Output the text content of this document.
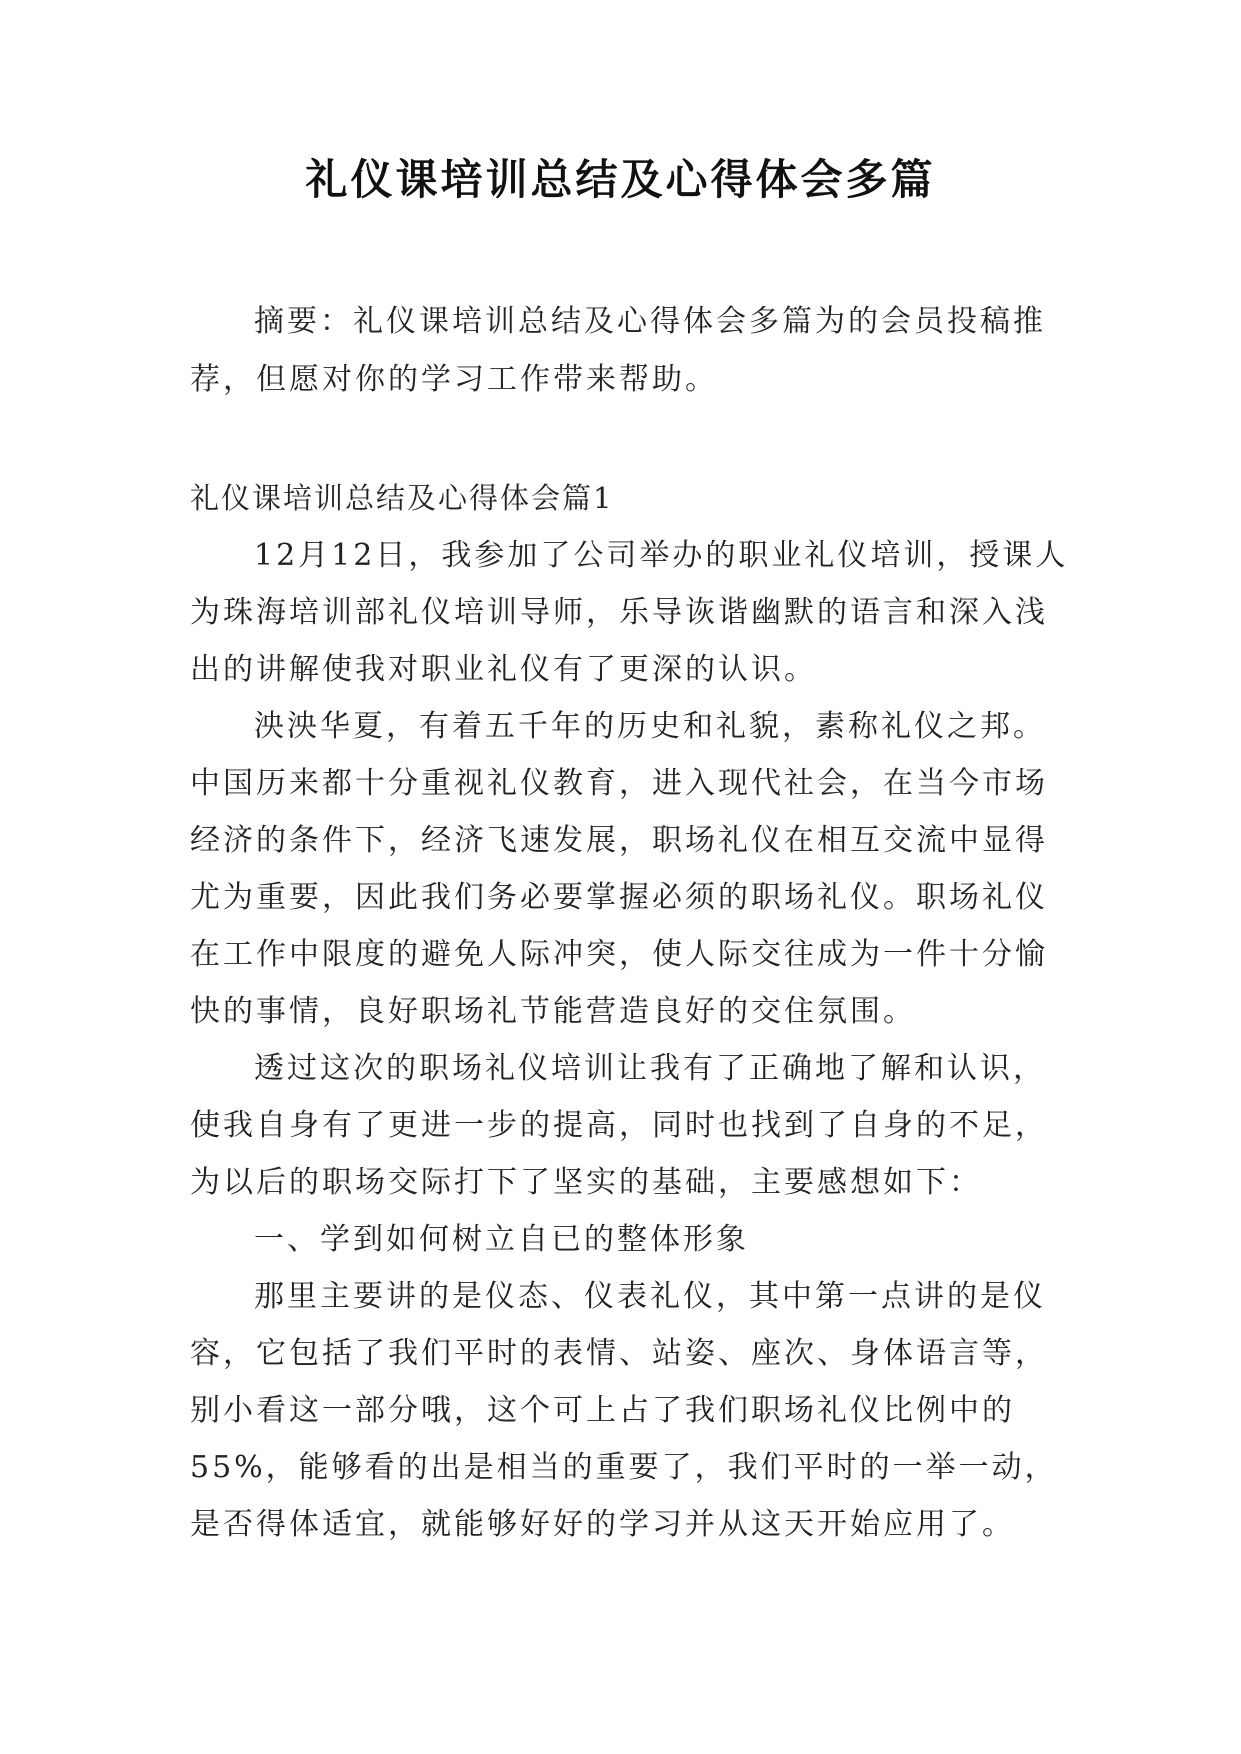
礼仪课培训总结及心得体会多篇

摘要：礼仪课培训总结及心得体会多篇为的会员投稿推荐，但愿对你的学习工作带来帮助。

礼仪课培训总结及心得体会篇1

12月12日，我参加了公司举办的职业礼仪培训，授课人为珠海培训部礼仪培训导师，乐导诙谐幽默的语言和深入浅出的讲解使我对职业礼仪有了更深的认识。

泱泱华夏，有着五千年的历史和礼貌，素称礼仪之邦。中国历来都十分重视礼仪教育，进入现代社会，在当今市场经济的条件下，经济飞速发展，职场礼仪在相互交流中显得尤为重要，因此我们务必要掌握必须的职场礼仪。职场礼仪在工作中限度的避免人际冲突，使人际交往成为一件十分愉快的事情，良好职场礼节能营造良好的交住氛围。

透过这次的职场礼仪培训让我有了正确地了解和认识，使我自身有了更进一步的提高，同时也找到了自身的不足，为以后的职场交际打下了坚实的基础，主要感想如下：

一、学到如何树立自已的整体形象

那里主要讲的是仪态、仪表礼仪，其中第一点讲的是仪容，它包括了我们平时的表情、站姿、座次、身体语言等，别小看这一部分哦，这个可上占了我们职场礼仪比例中的55%，能够看的出是相当的重要了，我们平时的一举一动，是否得体适宜，就能够好好的学习并从这天开始应用了。
